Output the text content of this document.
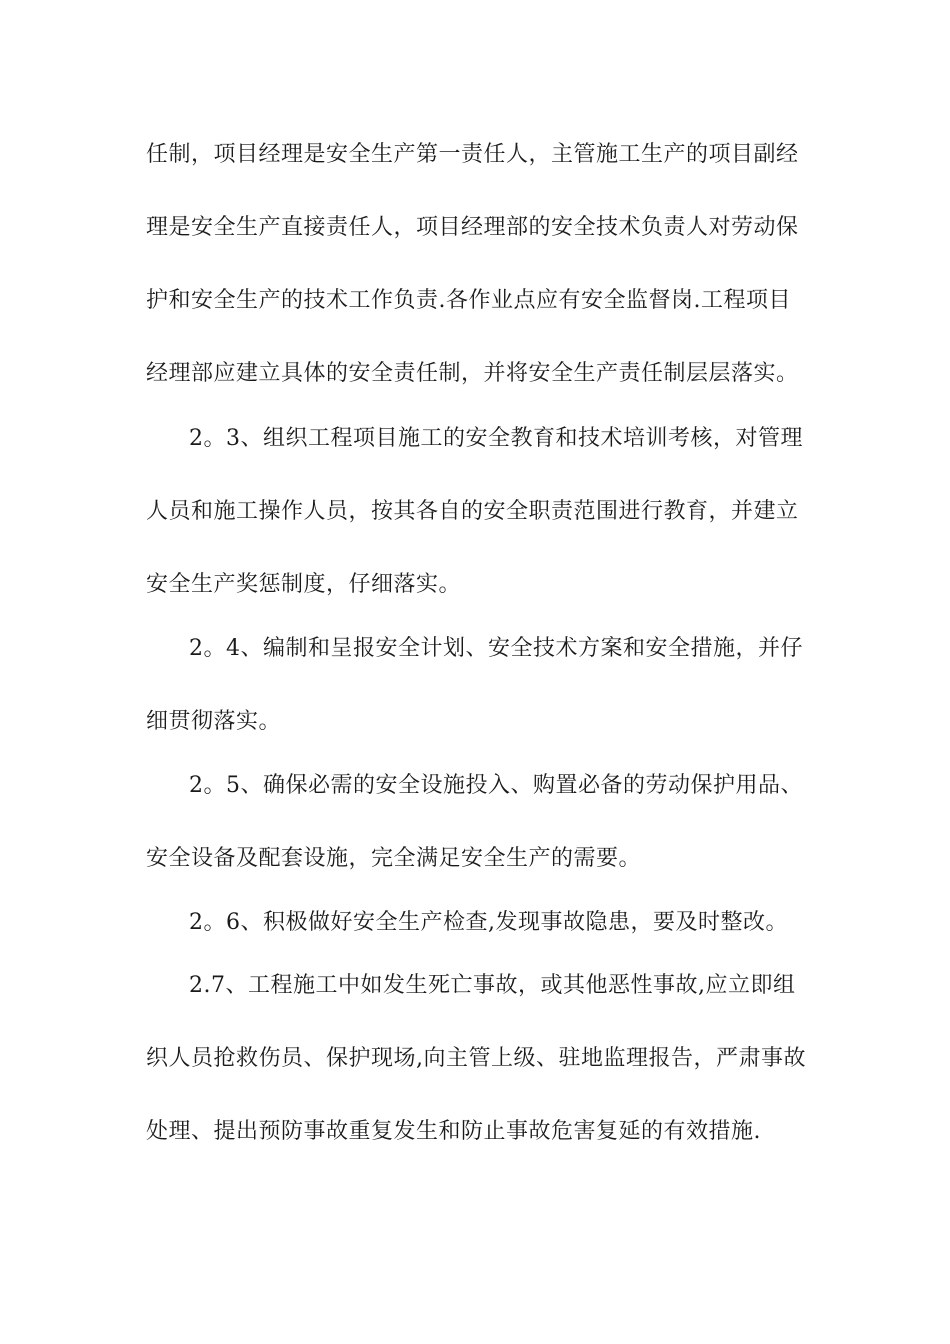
任制，项目经理是安全生产第一责任人，主管施工生产的项目副经
理是安全生产直接责任人，项目经理部的安全技术负责人对劳动保
护和安全生产的技术工作负责.各作业点应有安全监督岗.工程项目
经理部应建立具体的安全责任制，并将安全生产责任制层层落实。
2。3、组织工程项目施工的安全教育和技术培训考核，对管理
人员和施工操作人员，按其各自的安全职责范围进行教育，并建立
安全生产奖惩制度，仔细落实。
2。4、编制和呈报安全计划、安全技术方案和安全措施，并仔
细贯彻落实。
2。5、确保必需的安全设施投入、购置必备的劳动保护用品、
安全设备及配套设施，完全满足安全生产的需要。
2。6、积极做好安全生产检查,发现事故隐患，要及时整改。
2.7、工程施工中如发生死亡事故，或其他恶性事故,应立即组
织人员抢救伤员、保护现场,向主管上级、驻地监理报告，严肃事故
处理、提出预防事故重复发生和防止事故危害复延的有效措施.
